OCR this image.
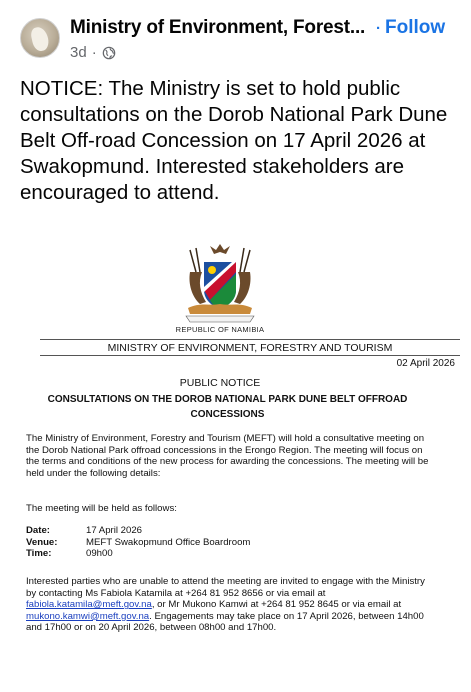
Ministry of Environment, Forest... · Follow
3d ·
NOTICE: The Ministry is set to hold public consultations on the Dorob National Park Dune Belt Off-road Concession on 17 April 2026 at Swakopmund. Interested stakeholders are encouraged to attend.
REPUBLIC OF NAMIBIA
MINISTRY OF ENVIRONMENT, FORESTRY AND TOURISM
02 April 2026
PUBLIC NOTICE
CONSULTATIONS ON THE DOROB NATIONAL PARK DUNE BELT OFFROAD
CONCESSIONS
The Ministry of Environment, Forestry and Tourism (MEFT) will hold a consultative meeting on the Dorob National Park offroad concessions in the Erongo Region. The meeting will focus on the terms and conditions of the new process for awarding the concessions. The meeting will be held under the following details:
The meeting will be held as follows:
Date:	17 April 2026
Venue:	MEFT Swakopmund Office Boardroom
Time:	09h00
Interested parties who are unable to attend the meeting are invited to engage with the Ministry by contacting Ms Fabiola Katamila at +264 81 952 8656 or via email at fabiola.katamila@meft.gov.na, or Mr Mukono Kamwi at +264 81 952 8645 or via email at mukono.kamwi@meft.gov.na. Engagements may take place on 17 April 2026, between 14h00 and 17h00 or on 20 April 2026, between 08h00 and 17h00.
